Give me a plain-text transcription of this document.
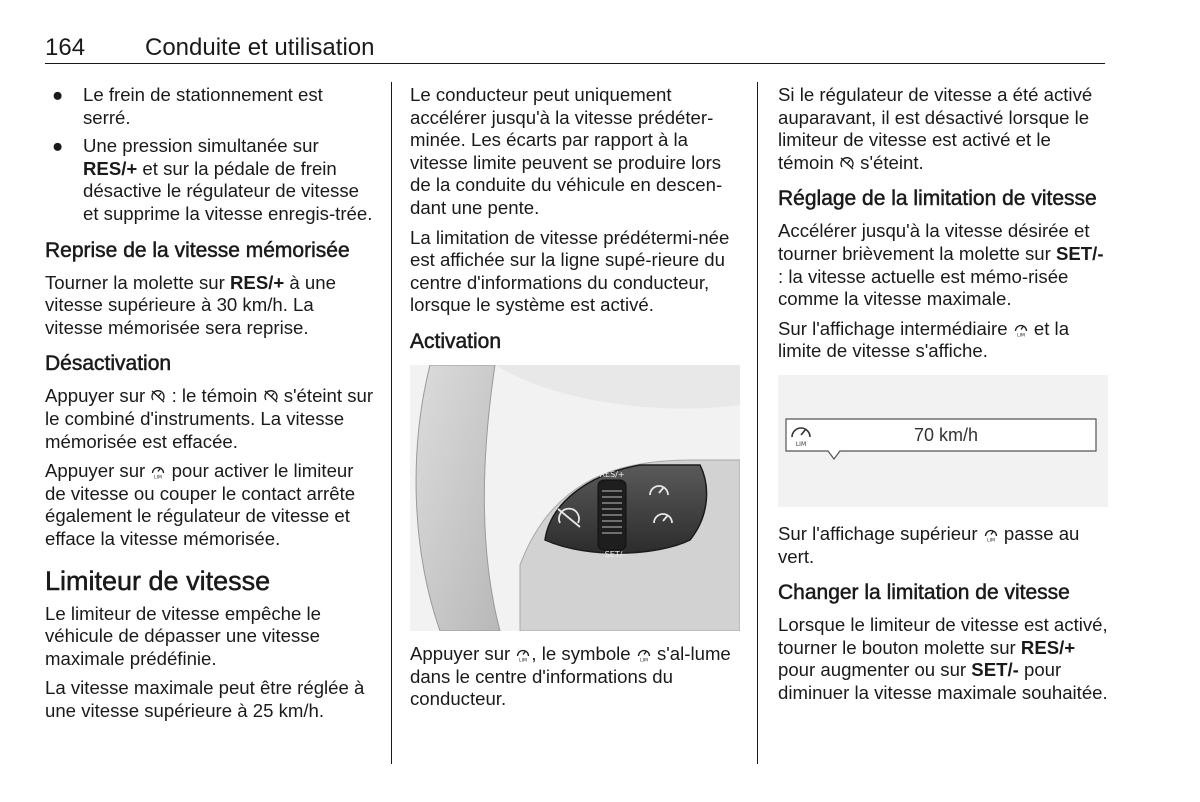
164 Conduite et utilisation
● Le frein de stationnement est serré.
● Une pression simultanée sur RES/+ et sur la pédale de frein désactive le régulateur de vitesse et supprime la vitesse enregis-trée.
Reprise de la vitesse mémorisée

Tourner la molette sur RES/+ à une vitesse supérieure à 30 km/h. La vitesse mémorisée sera reprise.

Désactivation

Appuyer sur  : le témoin  s'éteint sur le combiné d'instruments. La vitesse mémorisée est effacée.

Appuyer sur  pour activer le limiteur de vitesse ou couper le contact arrête également le régulateur de vitesse et efface la vitesse mémorisée.

Limiteur de vitesse

Le limiteur de vitesse empêche le véhicule de dépasser une vitesse maximale prédéfinie.

La vitesse maximale peut être réglée à une vitesse supérieure à 25 km/h.

Le conducteur peut uniquement accélérer jusqu'à la vitesse prédéter-minée. Les écarts par rapport à la vitesse limite peuvent se produire lors de la conduite du véhicule en descen-dant une pente.

La limitation de vitesse prédétermi-née est affichée sur la ligne supé-rieure du centre d'informations du conducteur, lorsque le système est activé.

Activation
RES/+
SET/-

Appuyer sur , le symbole  s'al-lume dans le centre d'informations du conducteur.

Si le régulateur de vitesse a été activé auparavant, il est désactivé lorsque le limiteur de vitesse est activé et le témoin  s'éteint.

Réglage de la limitation de vitesse

Accélérer jusqu'à la vitesse désirée et tourner brièvement la molette sur SET/- : la vitesse actuelle est mémo-risée comme la vitesse maximale.

Sur l'affichage intermédiaire  et la limite de vitesse s'affiche.

LIM	70 km/h

Sur l'affichage supérieur  passe au vert.

Changer la limitation de vitesse

Lorsque le limiteur de vitesse est activé, tourner le bouton molette sur RES/+ pour augmenter ou sur SET/- pour diminuer la vitesse maximale souhaitée.
